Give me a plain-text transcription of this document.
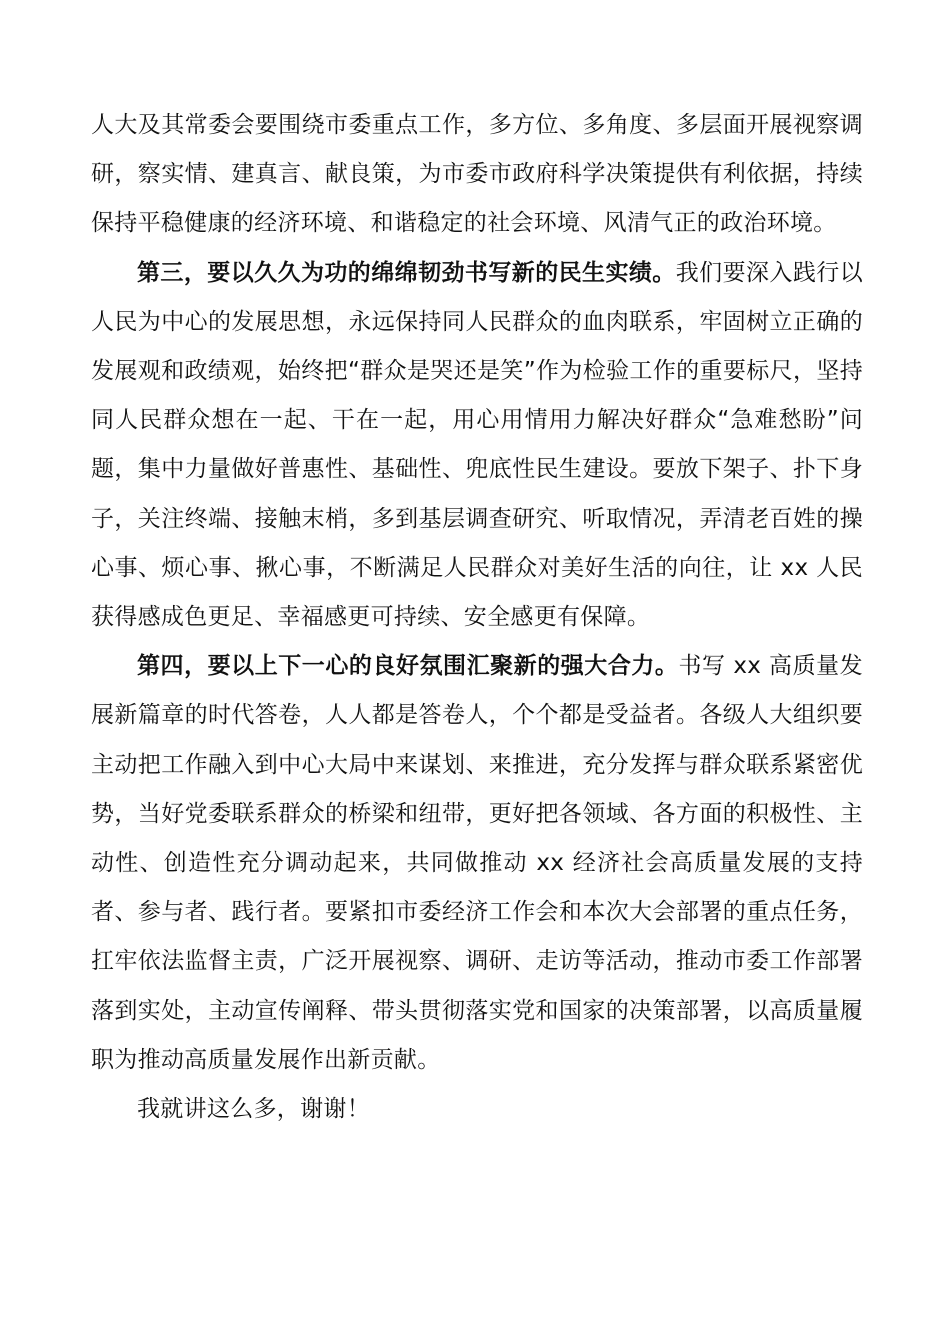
人大及其常委会要围绕市委重点工作，多方位、多角度、多层面开展视察调研，察实情、建真言、献良策，为市委市政府科学决策提供有利依据，持续保持平稳健康的经济环境、和谐稳定的社会环境、风清气正的政治环境。

第三，要以久久为功的绵绵韧劲书写新的民生实绩。我们要深入践行以人民为中心的发展思想，永远保持同人民群众的血肉联系，牢固树立正确的发展观和政绩观，始终把“群众是哭还是笑”作为检验工作的重要标尺，坚持同人民群众想在一起、干在一起，用心用情用力解决好群众“急难愁盼”问题，集中力量做好普惠性、基础性、兜底性民生建设。要放下架子、扑下身子，关注终端、接触末梢，多到基层调查研究、听取情况，弄清老百姓的操心事、烦心事、揪心事，不断满足人民群众对美好生活的向往，让 xx 人民获得感成色更足、幸福感更可持续、安全感更有保障。

第四，要以上下一心的良好氛围汇聚新的强大合力。书写 xx 高质量发展新篇章的时代答卷，人人都是答卷人，个个都是受益者。各级人大组织要主动把工作融入到中心大局中来谋划、来推进，充分发挥与群众联系紧密优势，当好党委联系群众的桥梁和纽带，更好把各领域、各方面的积极性、主动性、创造性充分调动起来，共同做推动 xx 经济社会高质量发展的支持者、参与者、践行者。要紧扣市委经济工作会和本次大会部署的重点任务，扛牢依法监督主责，广泛开展视察、调研、走访等活动，推动市委工作部署落到实处，主动宣传阐释、带头贯彻落实党和国家的决策部署，以高质量履职为推动高质量发展作出新贡献。

我就讲这么多，谢谢！
